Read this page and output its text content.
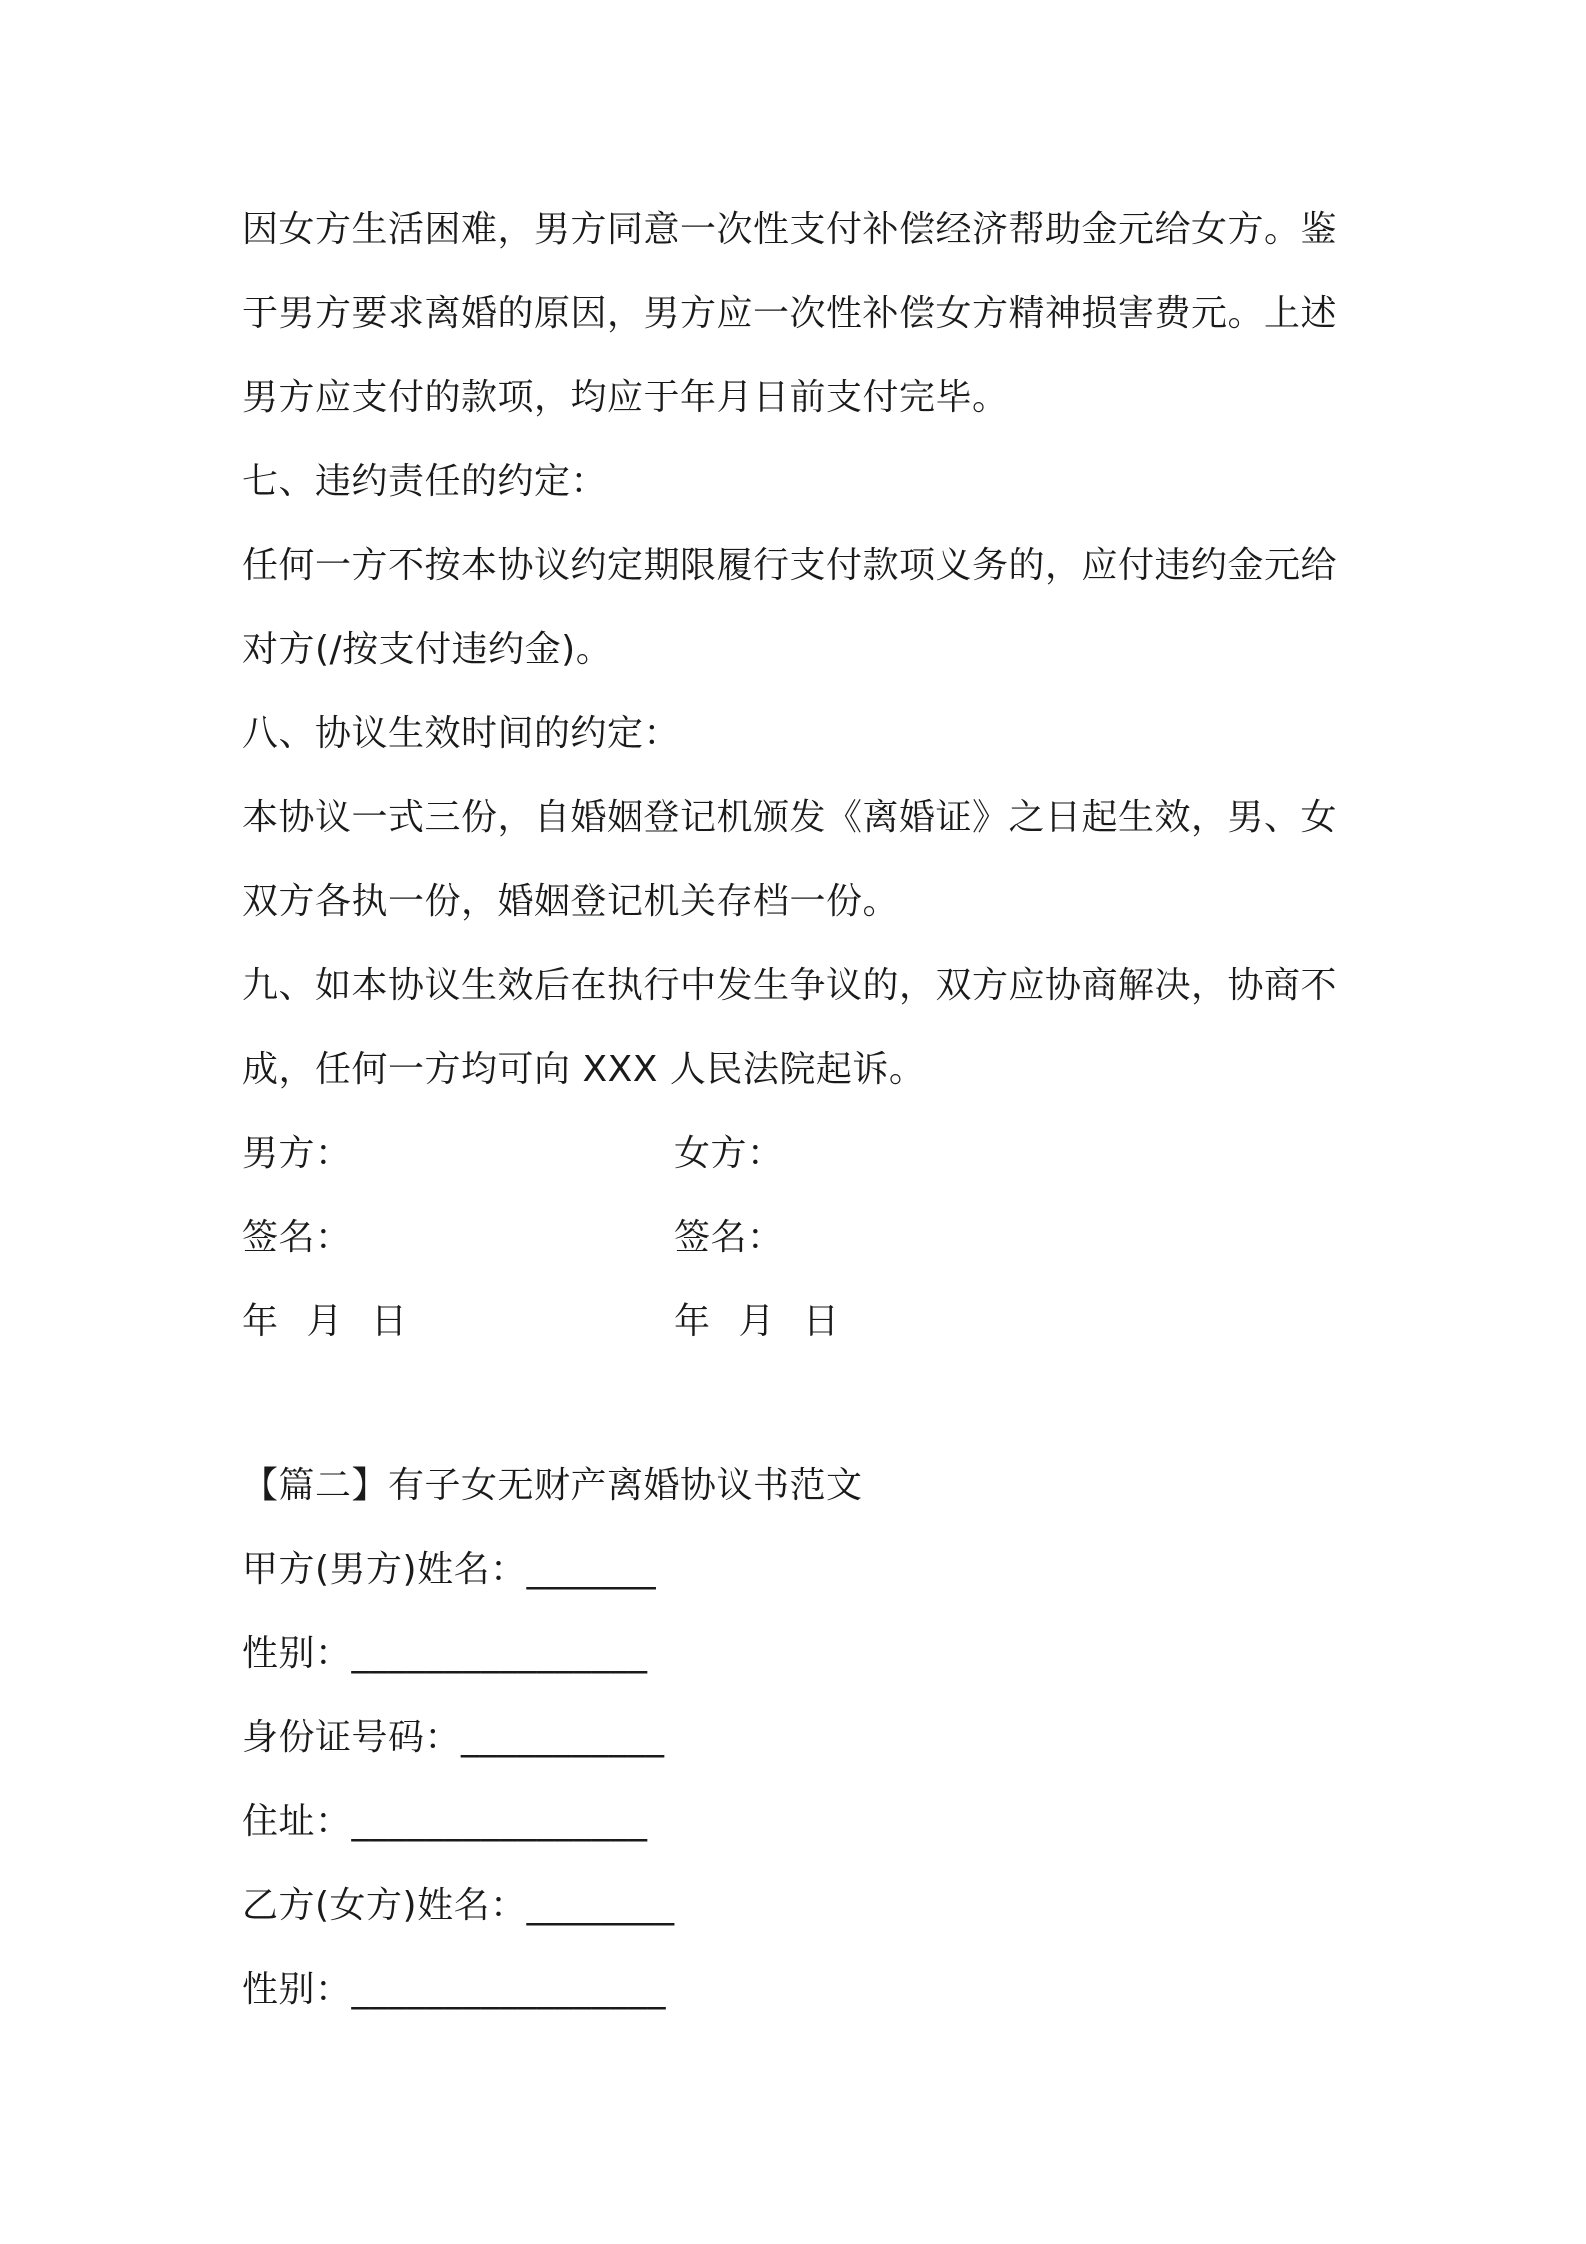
因女方生活困难，男方同意一次性支付补偿经济帮助金元给女方。鉴
于男方要求离婚的原因，男方应一次性补偿女方精神损害费元。上述
男方应支付的款项，均应于年月日前支付完毕。
七、违约责任的约定：
任何一方不按本协议约定期限履行支付款项义务的，应付违约金元给
对方(/按支付违约金)。
八、协议生效时间的约定：
本协议一式三份，自婚姻登记机颁发《离婚证》之日起生效，男、女
双方各执一份，婚姻登记机关存档一份。
九、如本协议生效后在执行中发生争议的，双方应协商解决，协商不
成，任何一方均可向 XXX 人民法院起诉。
男方：	女方：
签名：	签名：
年 月 日	年 月 日
【篇二】有子女无财产离婚协议书范文
甲方(男方)姓名：_______
性别：________________
身份证号码：___________
住址：________________
乙方(女方)姓名：________
性别：_________________
